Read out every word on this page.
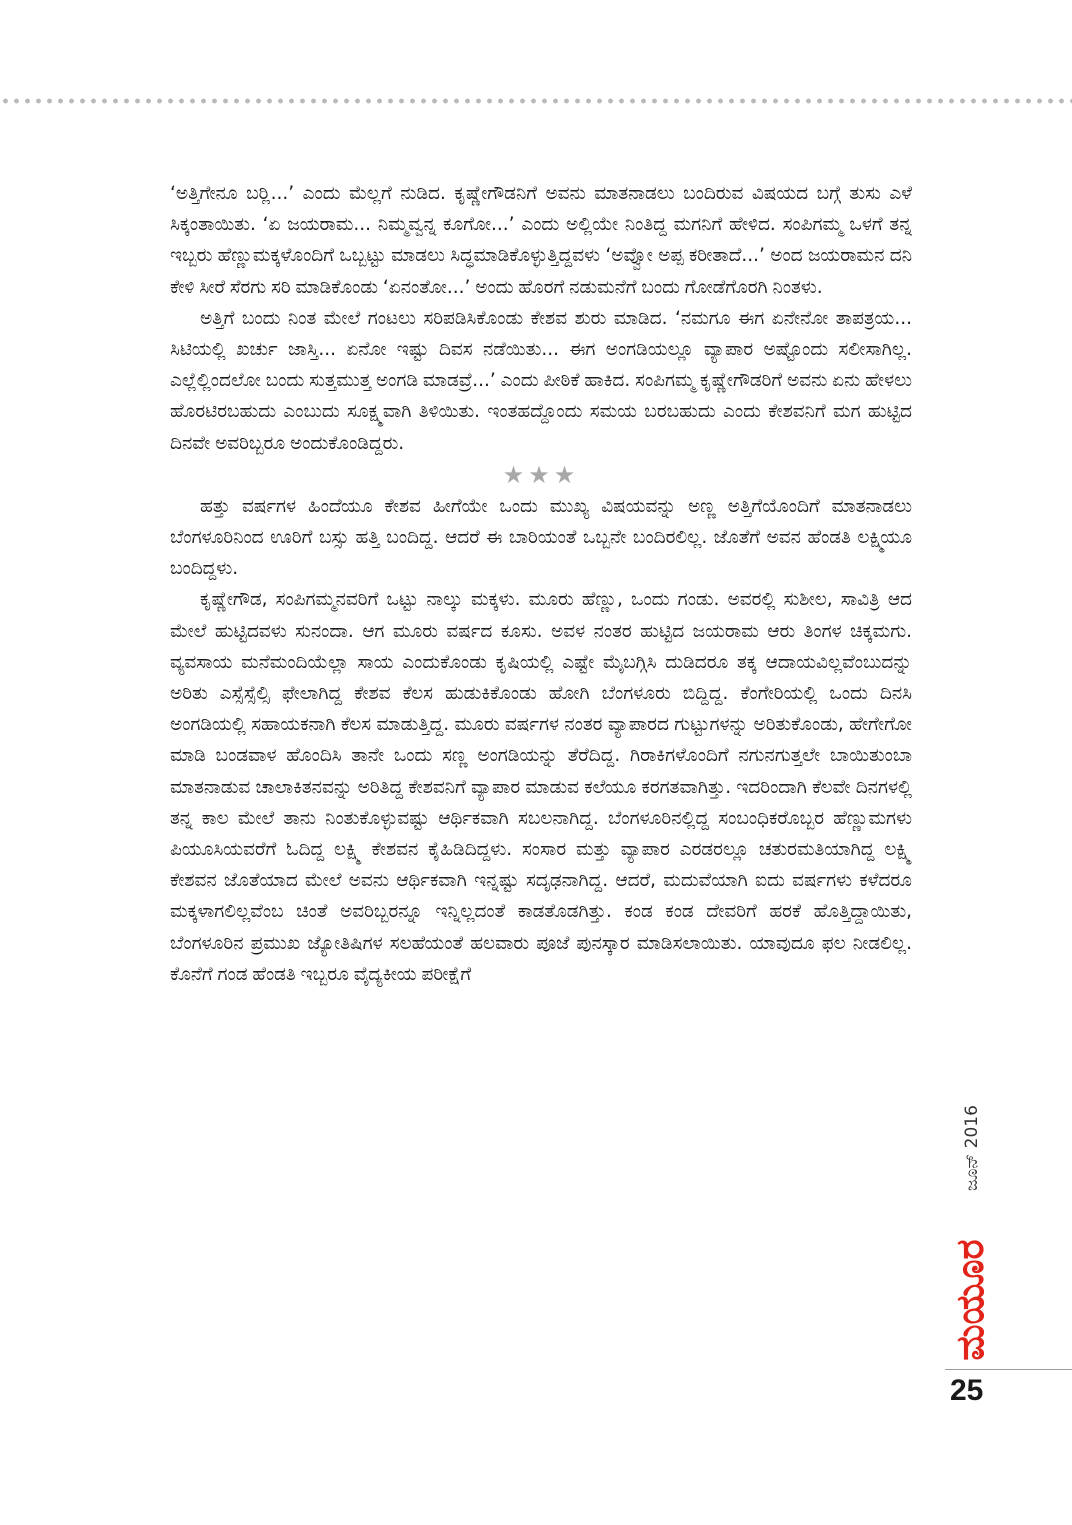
‘ಅತ್ತಿಗೇನೂ ಬರ್‍ಲಿ...’ ಎಂದು ಮೆಲ್ಲಗೆ ನುಡಿದ. ಕೃಷ್ಣೇಗೌಡನಿಗೆ ಅವನು ಮಾತನಾಡಲು ಬಂದಿರುವ ವಿಷಯದ ಬಗ್ಗೆ ತುಸು ಎಳೆ ಸಿಕ್ಕಂತಾಯಿತು. ‘ಏ ಜಯರಾಮ... ನಿಮ್ಮವ್ವನ್ನ ಕೂಗೋ...’ ಎಂದು ಅಲ್ಲಿಯೇ ನಿಂತಿದ್ದ ಮಗನಿಗೆ ಹೇಳಿದ. ಸಂಪಿಗಮ್ಮ ಒಳಗೆ ತನ್ನ ಇಬ್ಬರು ಹೆಣ್ಣುಮಕ್ಕಳೊಂದಿಗೆ ಒಬ್ಬಟ್ಟು ಮಾಡಲು ಸಿದ್ಧಮಾಡಿಕೊಳ್ಳುತ್ತಿದ್ದವಳು ‘ಅವ್ವೋ ಅಪ್ಪ ಕರೀತಾದೆ...’ ಅಂದ ಜಯರಾಮನ ದನಿ ಕೇಳಿ ಸೀರೆ ಸೆರಗು ಸರಿ ಮಾಡಿಕೊಂಡು ‘ಏನಂತೋ...’ ಅಂದು ಹೊರಗೆ ನಡುಮನೆಗೆ ಬಂದು ಗೋಡೆಗೊರಗಿ ನಿಂತಳು.

ಅತ್ತಿಗೆ ಬಂದು ನಿಂತ ಮೇಲೆ ಗಂಟಲು ಸರಿಪಡಿಸಿಕೊಂಡು ಕೇಶವ ಶುರು ಮಾಡಿದ. ‘ನಮಗೂ ಈಗ ಏನೇನೋ ತಾಪತ್ರಯ... ಸಿಟಿಯಲ್ಲಿ ಖರ್ಚು ಜಾಸ್ತಿ... ಏನೋ ಇಷ್ಟು ದಿವಸ ನಡೆಯಿತು... ಈಗ ಅಂಗಡಿಯಲ್ಲೂ ವ್ಯಾಪಾರ ಅಷ್ಟೊಂದು ಸಲೀಸಾಗಿಲ್ಲ. ಎಲ್ಲೆಲ್ಲಿಂದಲೋ ಬಂದು ಸುತ್ತಮುತ್ತ ಅಂಗಡಿ ಮಾಡವ್ರೆ...’ ಎಂದು ಪೀಠಿಕೆ ಹಾಕಿದ. ಸಂಪಿಗಮ್ಮ ಕೃಷ್ಣೇಗೌಡರಿಗೆ ಅವನು ಏನು ಹೇಳಲು ಹೊರಟಿರಬಹುದು ಎಂಬುದು ಸೂಕ್ಷ್ಮವಾಗಿ ತಿಳಿಯಿತು. ಇಂತಹದ್ದೊಂದು ಸಮಯ ಬರಬಹುದು ಎಂದು ಕೇಶವನಿಗೆ ಮಗ ಹುಟ್ಟಿದ ದಿನವೇ ಅವರಿಬ್ಬರೂ ಅಂದುಕೊಂಡಿದ್ದರು.

★★★

ಹತ್ತು ವರ್ಷಗಳ ಹಿಂದೆಯೂ ಕೇಶವ ಹೀಗೆಯೇ ಒಂದು ಮುಖ್ಯ ವಿಷಯವನ್ನು ಅಣ್ಣ ಅತ್ತಿಗೆಯೊಂದಿಗೆ ಮಾತನಾಡಲು ಬೆಂಗಳೂರಿನಿಂದ ಊರಿಗೆ ಬಸ್ಸು ಹತ್ತಿ ಬಂದಿದ್ದ. ಆದರೆ ಈ ಬಾರಿಯಂತೆ ಒಬ್ಬನೇ ಬಂದಿರಲಿಲ್ಲ. ಜೊತೆಗೆ ಅವನ ಹೆಂಡತಿ ಲಕ್ಷ್ಮಿಯೂ ಬಂದಿದ್ದಳು.

ಕೃಷ್ಣೇಗೌಡ, ಸಂಪಿಗಮ್ಮನವರಿಗೆ ಒಟ್ಟು ನಾಲ್ಕು ಮಕ್ಕಳು. ಮೂರು ಹೆಣ್ಣು, ಒಂದು ಗಂಡು. ಅವರಲ್ಲಿ ಸುಶೀಲ, ಸಾವಿತ್ರಿ ಆದ ಮೇಲೆ ಹುಟ್ಟಿದವಳು ಸುನಂದಾ. ಆಗ ಮೂರು ವರ್ಷದ ಕೂಸು. ಅವಳ ನಂತರ ಹುಟ್ಟಿದ ಜಯರಾಮ ಆರು ತಿಂಗಳ ಚಿಕ್ಕಮಗು. ವ್ಯವಸಾಯ ಮನೆಮಂದಿಯೆಲ್ಲಾ ಸಾಯ ಎಂದುಕೊಂಡು ಕೃಷಿಯಲ್ಲಿ ಎಷ್ಟೇ ಮೈಬಗ್ಗಿಸಿ ದುಡಿದರೂ ತಕ್ಕ ಆದಾಯವಿಲ್ಲವೆಂಬುದನ್ನು ಅರಿತು ಎಸ್ಸೆಸ್ಸೆಲ್ಸಿ ಫೇಲಾಗಿದ್ದ ಕೇಶವ ಕೆಲಸ ಹುಡುಕಿಕೊಂಡು ಹೋಗಿ ಬೆಂಗಳೂರು ಬಿದ್ದಿದ್ದ. ಕೆಂಗೇರಿಯಲ್ಲಿ ಒಂದು ದಿನಸಿ ಅಂಗಡಿಯಲ್ಲಿ ಸಹಾಯಕನಾಗಿ ಕೆಲಸ ಮಾಡುತ್ತಿದ್ದ. ಮೂರು ವರ್ಷಗಳ ನಂತರ ವ್ಯಾಪಾರದ ಗುಟ್ಟುಗಳನ್ನು ಅರಿತುಕೊಂಡು, ಹೇಗೇಗೋ ಮಾಡಿ ಬಂಡವಾಳ ಹೊಂದಿಸಿ ತಾನೇ ಒಂದು ಸಣ್ಣ ಅಂಗಡಿಯನ್ನು ತೆರೆದಿದ್ದ. ಗಿರಾಕಿಗಳೊಂದಿಗೆ ನಗುನಗುತ್ತಲೇ ಬಾಯಿತುಂಬಾ ಮಾತನಾಡುವ ಚಾಲಾಕಿತನವನ್ನು ಅರಿತಿದ್ದ ಕೇಶವನಿಗೆ ವ್ಯಾಪಾರ ಮಾಡುವ ಕಲೆಯೂ ಕರಗತವಾಗಿತ್ತು. ಇದರಿಂದಾಗಿ ಕೆಲವೇ ದಿನಗಳಲ್ಲಿ ತನ್ನ ಕಾಲ ಮೇಲೆ ತಾನು ನಿಂತುಕೊಳ್ಳುವಷ್ಟು ಆರ್ಥಿಕವಾಗಿ ಸಬಲನಾಗಿದ್ದ. ಬೆಂಗಳೂರಿನಲ್ಲಿದ್ದ ಸಂಬಂಧಿಕರೊಬ್ಬರ ಹೆಣ್ಣುಮಗಳು ಪಿಯೂಸಿಯವರೆಗೆ ಓದಿದ್ದ ಲಕ್ಷ್ಮಿ ಕೇಶವನ ಕೈಹಿಡಿದಿದ್ದಳು. ಸಂಸಾರ ಮತ್ತು ವ್ಯಾಪಾರ ಎರಡರಲ್ಲೂ ಚತುರಮತಿಯಾಗಿದ್ದ ಲಕ್ಷ್ಮಿ ಕೇಶವನ ಜೊತೆಯಾದ ಮೇಲೆ ಅವನು ಆರ್ಥಿಕವಾಗಿ ಇನ್ನಷ್ಟು ಸದೃಢನಾಗಿದ್ದ. ಆದರೆ, ಮದುವೆಯಾಗಿ ಐದು ವರ್ಷಗಳು ಕಳೆದರೂ ಮಕ್ಕಳಾಗಲಿಲ್ಲವೆಂಬ ಚಿಂತೆ ಅವರಿಬ್ಬರನ್ನೂ ಇನ್ನಿಲ್ಲದಂತೆ ಕಾಡತೊಡಗಿತ್ತು. ಕಂಡ ಕಂಡ ದೇವರಿಗೆ ಹರಕೆ ಹೊತ್ತಿದ್ದಾಯಿತು, ಬೆಂಗಳೂರಿನ ಪ್ರಮುಖ ಜ್ಯೋತಿಷಿಗಳ ಸಲಹೆಯಂತೆ ಹಲವಾರು ಪೂಜೆ ಪುನಸ್ಕಾರ ಮಾಡಿಸಲಾಯಿತು. ಯಾವುದೂ ಫಲ ನೀಡಲಿಲ್ಲ. ಕೊನೆಗೆ ಗಂಡ ಹೆಂಡತಿ ಇಬ್ಬರೂ ವೈದ್ಯಕೀಯ ಪರೀಕ್ಷೆಗೆ

ಜೂನ್ 2016
ಮಯೂರ
25
